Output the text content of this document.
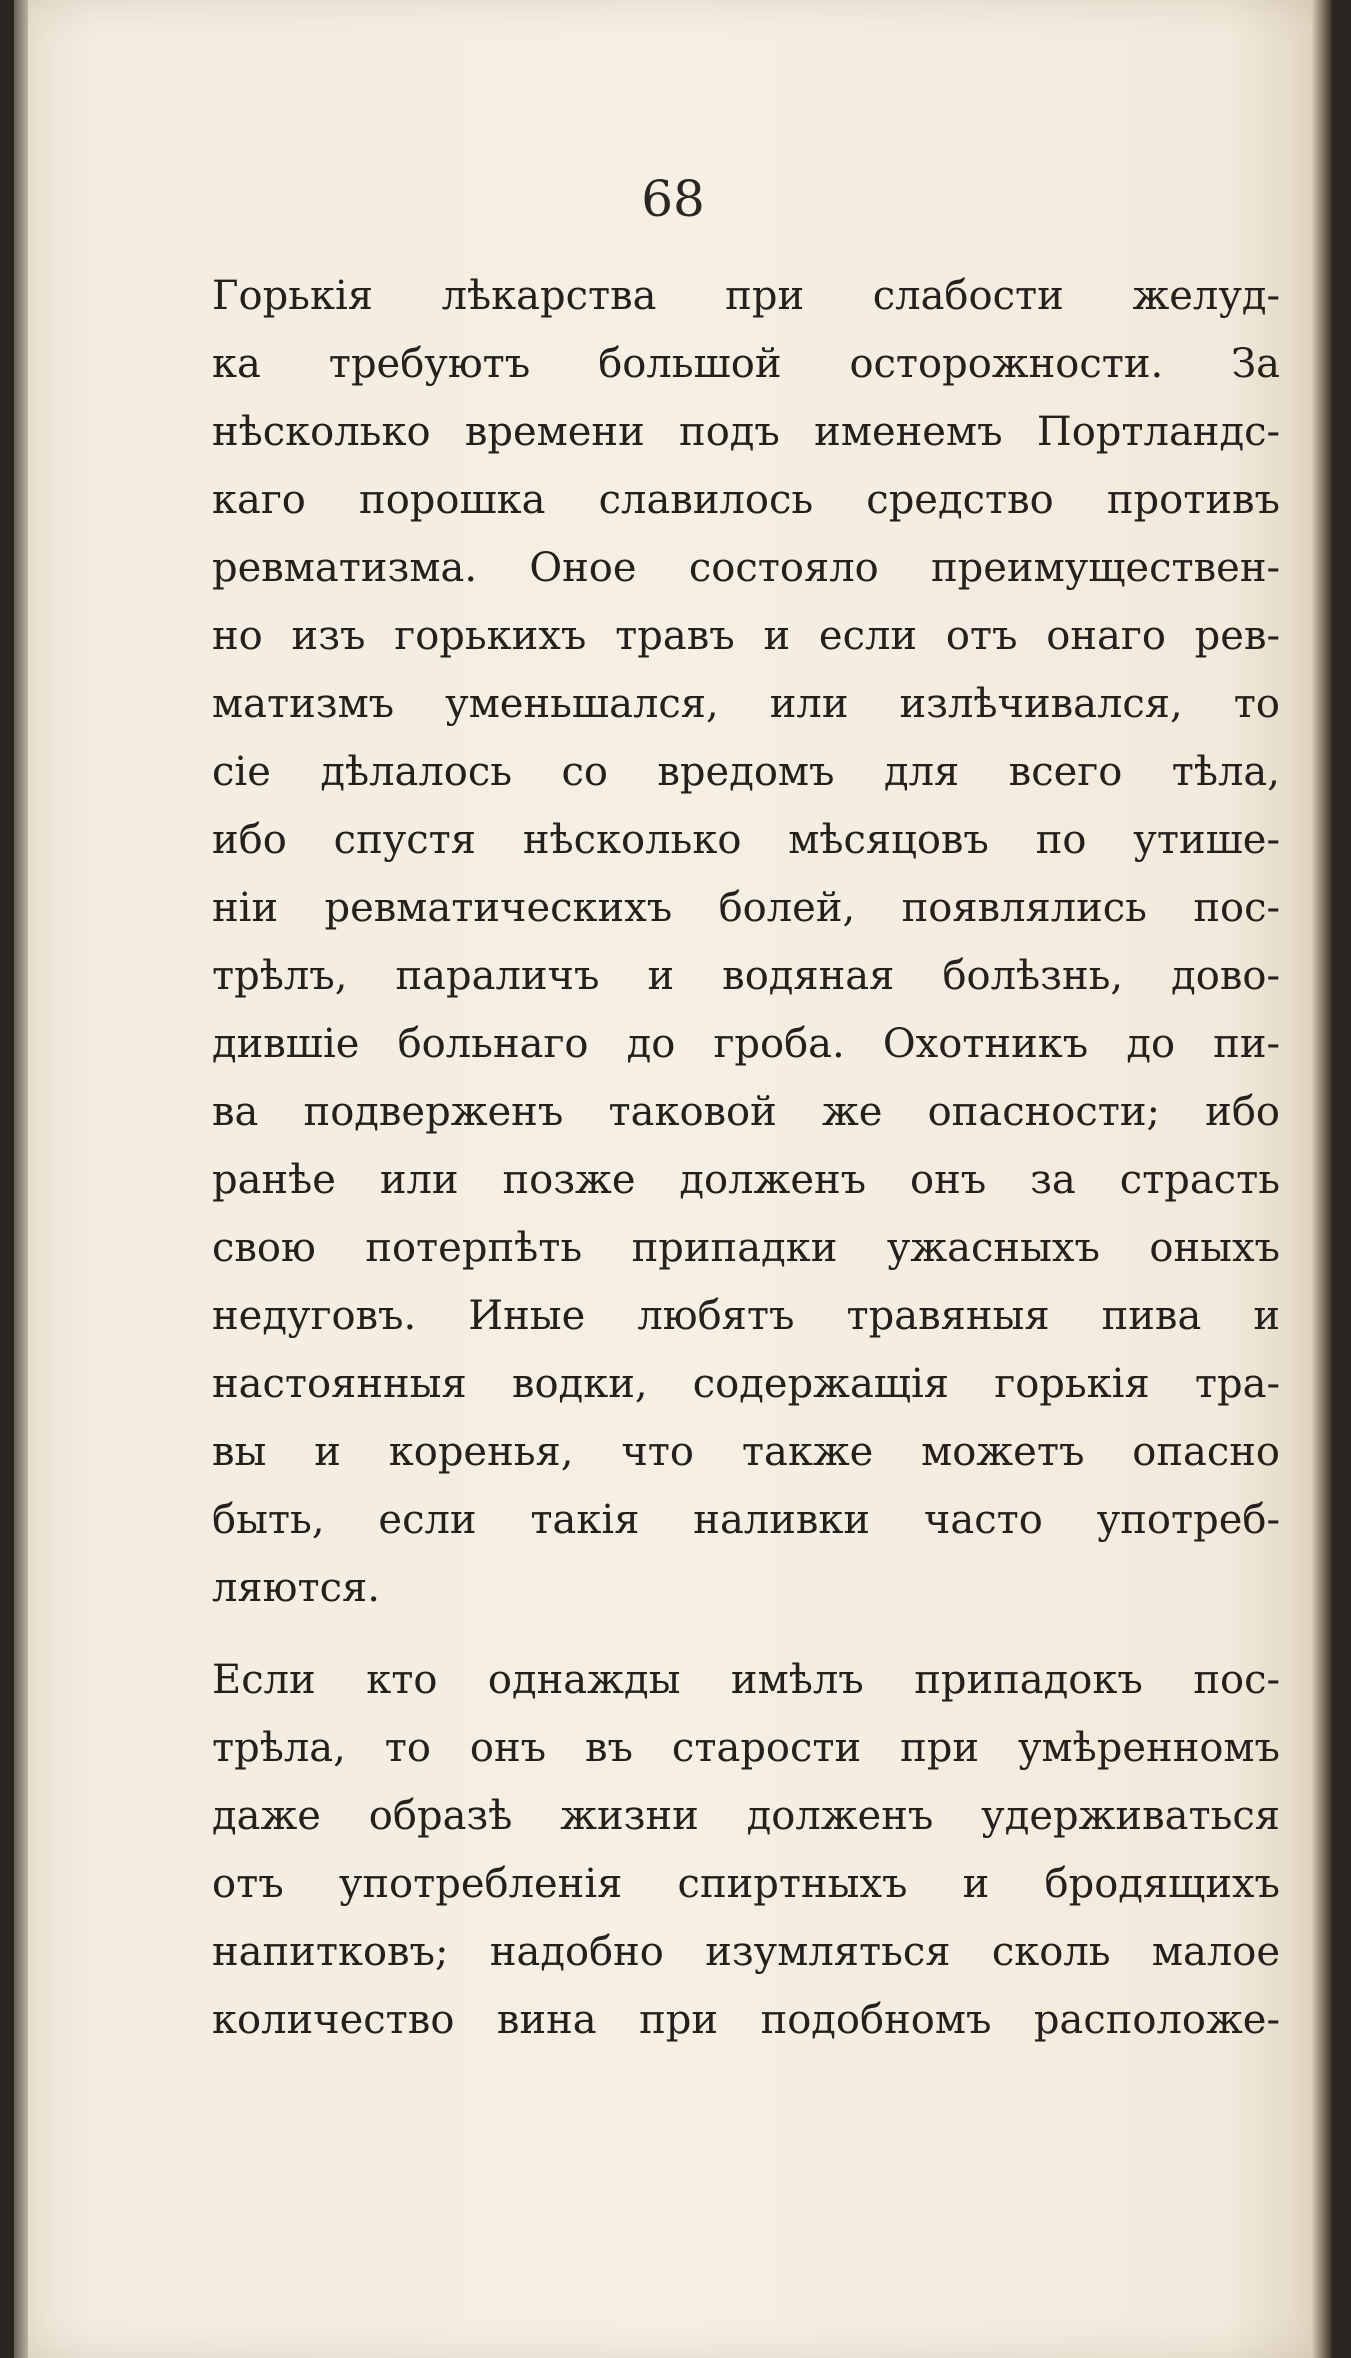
68
Горькія лѣкарства при слабости желуд-
ка требуютъ большой осторожности. За
нѣсколько времени подъ именемъ Портландс-
каго порошка славилось средство противъ
ревматизма. Оное состояло преимуществен-
но изъ горькихъ травъ и если отъ онаго рев-
матизмъ уменьшался, или излѣчивался, то
сіе дѣлалось со вредомъ для всего тѣла,
ибо спустя нѣсколько мѣсяцовъ по утише-
ніи ревматическихъ болей, появлялись пос-
трѣлъ, параличъ и водяная болѣзнь, дово-
дившіе больнаго до гроба. Охотникъ до пи-
ва подверженъ таковой же опасности; ибо
ранѣе или позже долженъ онъ за страсть
свою потерпѣть припадки ужасныхъ оныхъ
недуговъ. Иные любятъ травяныя пива и
настоянныя водки, содержащія горькія тра-
вы и коренья, что также можетъ опасно
быть, если такія наливки часто употреб-
ляются.
Если кто однажды имѣлъ припадокъ пос-
трѣла, то онъ въ старости при умѣренномъ
даже образѣ жизни долженъ удерживаться
отъ употребленія спиртныхъ и бродящихъ
напитковъ; надобно изумляться сколь малое
количество вина при подобномъ расположе-
